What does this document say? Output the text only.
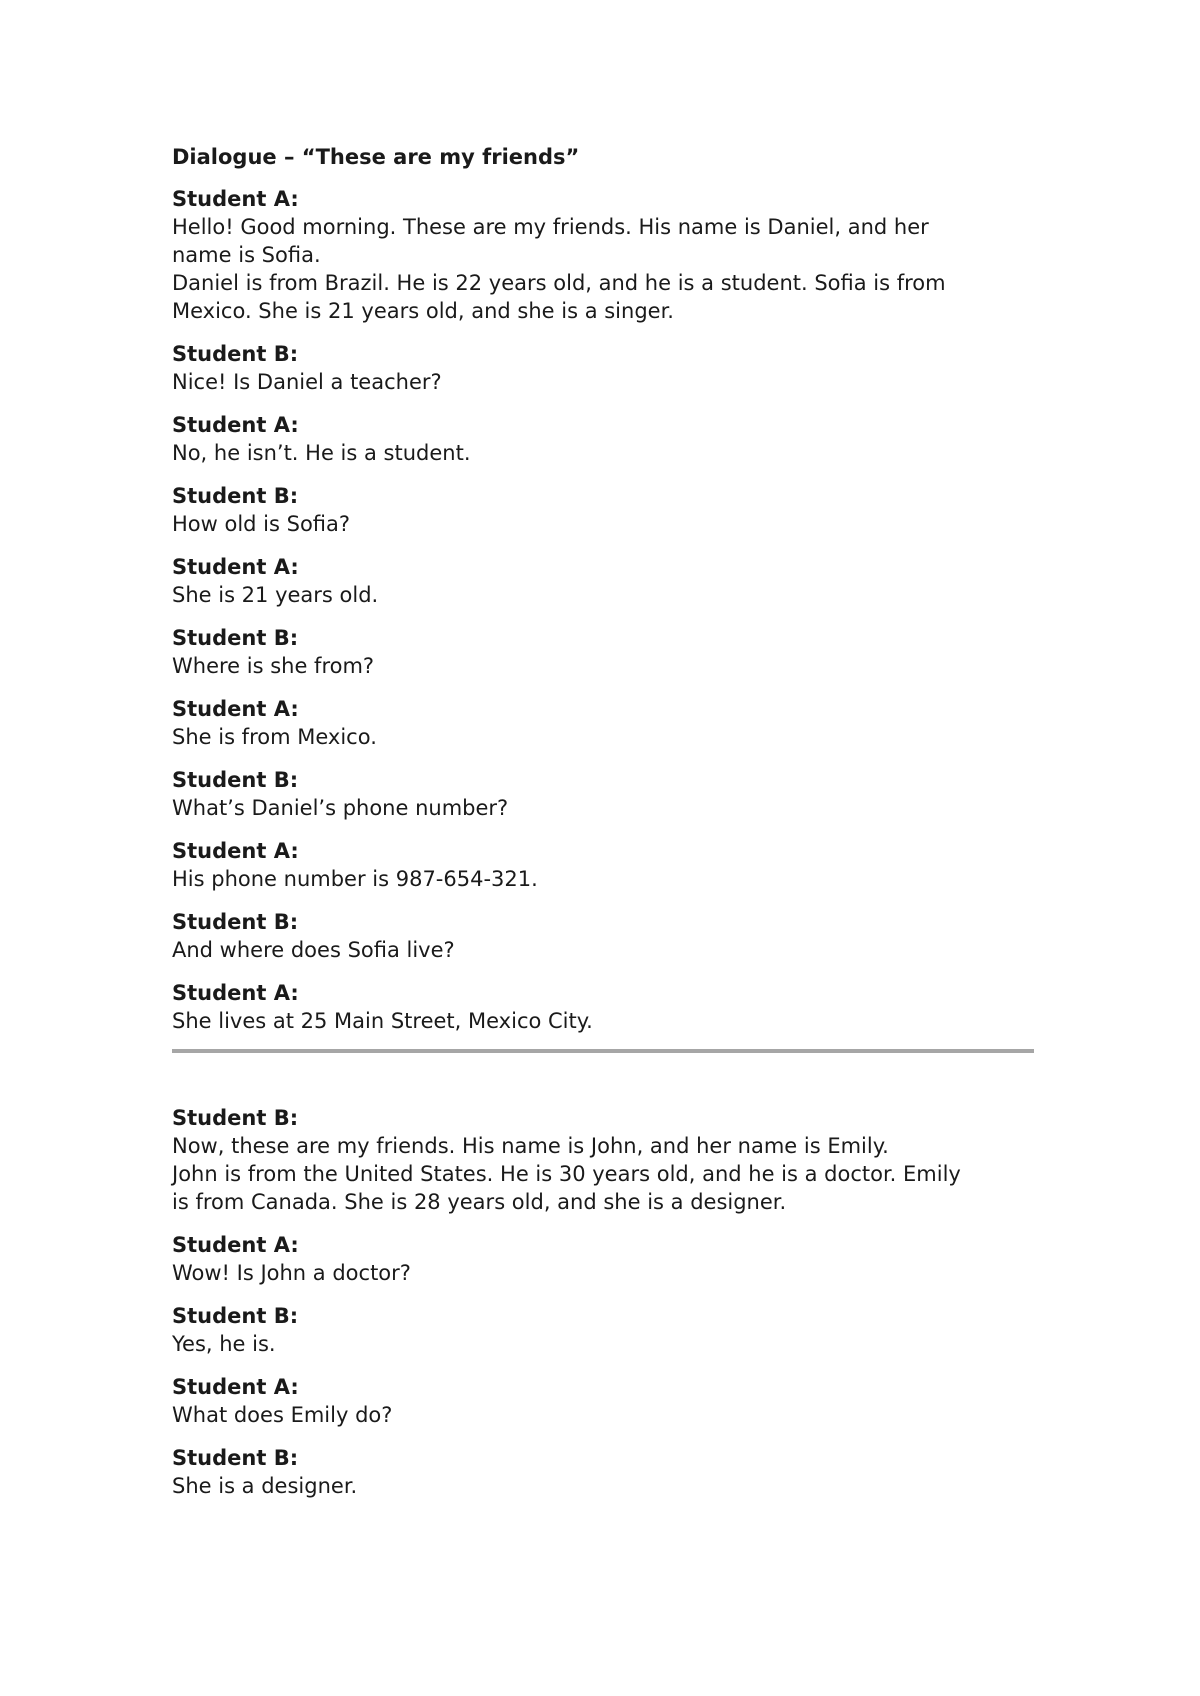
Dialogue – “These are my friends”
Student A:
Hello! Good morning. These are my friends. His name is Daniel, and her
name is Sofia.
Daniel is from Brazil. He is 22 years old, and he is a student. Sofia is from
Mexico. She is 21 years old, and she is a singer.
Student B:
Nice! Is Daniel a teacher?
Student A:
No, he isn’t. He is a student.
Student B:
How old is Sofia?
Student A:
She is 21 years old.
Student B:
Where is she from?
Student A:
She is from Mexico.
Student B:
What’s Daniel’s phone number?
Student A:
His phone number is 987-654-321.
Student B:
And where does Sofia live?
Student A:
She lives at 25 Main Street, Mexico City.
Student B:
Now, these are my friends. His name is John, and her name is Emily.
John is from the United States. He is 30 years old, and he is a doctor. Emily
is from Canada. She is 28 years old, and she is a designer.
Student A:
Wow! Is John a doctor?
Student B:
Yes, he is.
Student A:
What does Emily do?
Student B:
She is a designer.
